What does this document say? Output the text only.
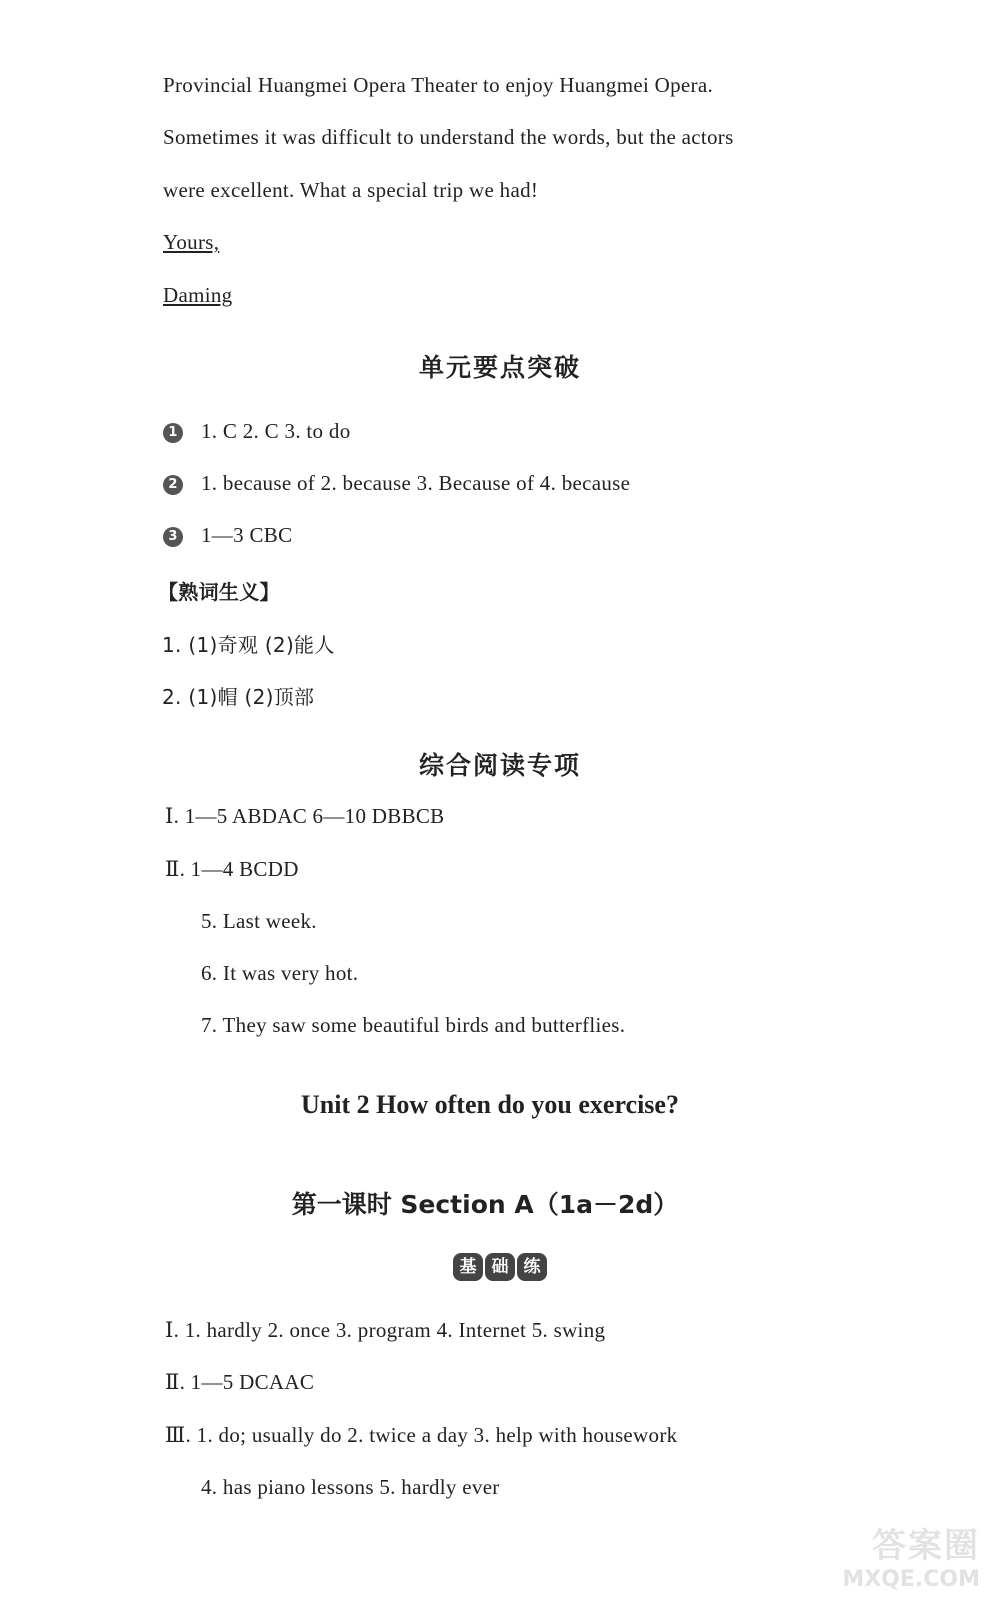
Provincial Huangmei Opera Theater to enjoy Huangmei Opera.
Sometimes it was difficult to understand the words, but the actors
were excellent. What a special trip we had!
Yours,
Daming
单元要点突破
1 1. C 2. C 3. to do
2 1. because of 2. because 3. Because of 4. because
3 1—3 CBC
【熟词生义】
1. (1)奇观 (2)能人
2. (1)帽 (2)顶部
综合阅读专项
Ⅰ. 1—5 ABDAC 6—10 DBBCB
Ⅱ. 1—4 BCDD
5. Last week.
6. It was very hot.
7. They saw some beautiful birds and butterflies.
Unit 2 How often do you exercise?
第一课时 Section A（1a－2d）
基 础 练
Ⅰ. 1. hardly 2. once 3. program 4. Internet 5. swing
Ⅱ. 1—5 DCAAC
Ⅲ. 1. do; usually do 2. twice a day 3. help with housework
4. has piano lessons 5. hardly ever
答案圈
MXQE.COM
